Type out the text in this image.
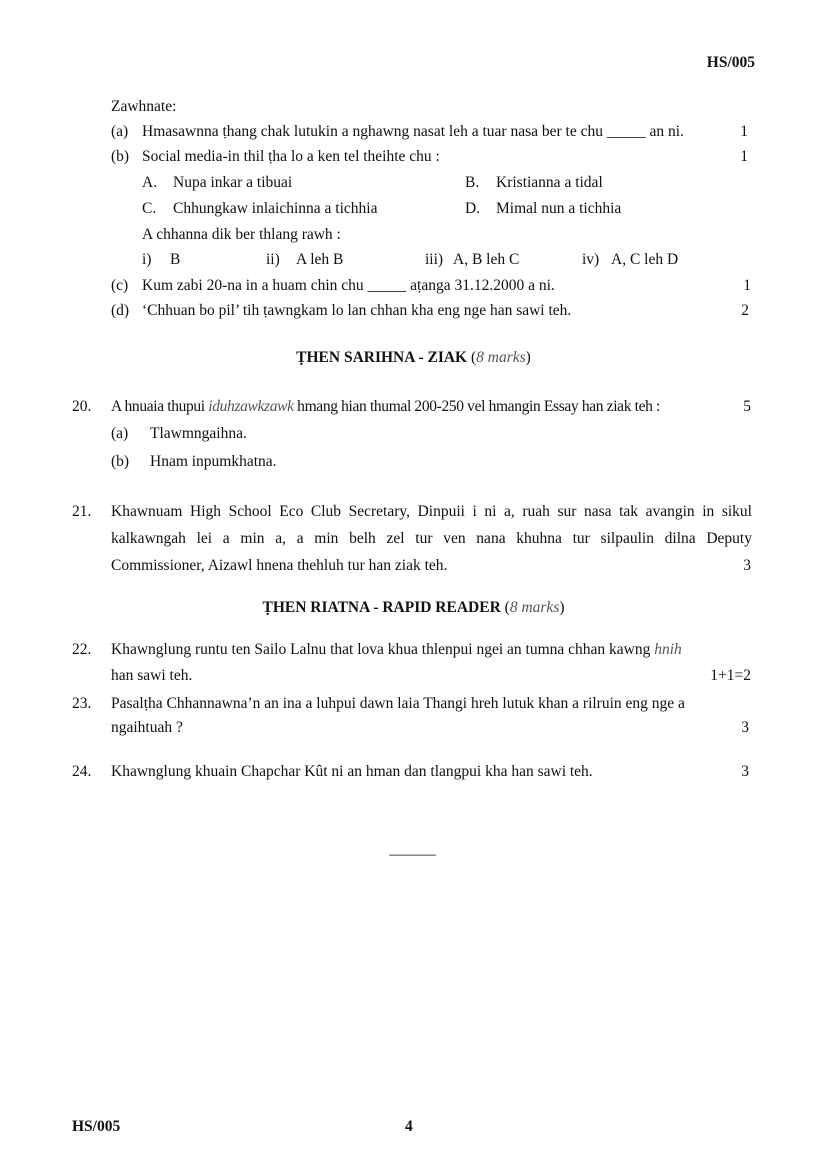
HS/005
Zawhnate:
(a) Hmasawnna ṭhang chak lutukin a nghawng nasat leh a tuar nasa ber te chu _____ an ni.	1
(b) Social media-in thil ṭha lo a ken tel theihte chu :	1
A. Nupa inkar a tibuai	B. Kristianna a tidal
C. Chhungkaw inlaichinna a tichhia	D. Mimal nun a tichhia
A chhanna dik ber thlang rawh :
i) B	ii) A leh B	iii) A, B leh C	iv) A, C leh D
(c) Kum zabi 20-na in a huam chin chu _____ aṭanga 31.12.2000 a ni.	1
(d) ‘Chhuan bo pil’ tih ṭawngkam lo lan chhan kha eng nge han sawi teh.	2
ṬHEN SARIHNA - ZIAK (8 marks)
20. A hnuaia thupui iduhzawkzawk hmang hian thumal 200-250 vel hmangin Essay han ziak teh :	5
(a) Tlawmngaihna.
(b) Hnam inpumkhatna.
21. Khawnuam High School Eco Club Secretary, Dinpuii i ni a, ruah sur nasa tak avangin in sikul
kalkawngah lei a min a, a min belh zel tur ven nana khuhna tur silpaulin dilna Deputy
Commissioner, Aizawl hnena thehluh tur han ziak teh.	3
ṬHEN RIATNA - RAPID READER (8 marks)
22. Khawnglung runtu ten Sailo Lalnu that lova khua thlenpui ngei an tumna chhan kawng hnih
han sawi teh.	1+1=2
23. Pasalṭha Chhannawna’n an ina a luhpui dawn laia Thangi hreh lutuk khan a rilruin eng nge a
ngaihtuah ?	3
24. Khawnglung khuain Chapchar Kût ni an hman dan tlangpui kha han sawi teh.	3
———
HS/005	4
